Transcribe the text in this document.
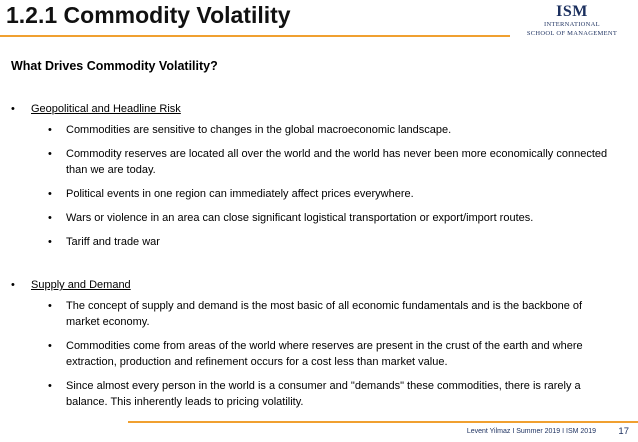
1.2.1 Commodity Volatility	ISM
INTERNATIONAL
SCHOOL OF MANAGEMENT
What Drives Commodity Volatility?
• Geopolitical and Headline Risk
• Commodities are sensitive to changes in the global macroeconomic landscape.
• Commodity reserves are located all over the world and the world has never been more economically connected than we are today.
• Political events in one region can immediately affect prices everywhere.
• Wars or violence in an area can close significant logistical transportation or export/import routes.
• Tariff and trade war
• Supply and Demand
• The concept of supply and demand is the most basic of all economic fundamentals and is the backbone of market economy.
• Commodities come from areas of the world where reserves are present in the crust of the earth and where extraction, production and refinement occurs for a cost less than market value.
• Since almost every person in the world is a consumer and "demands" these commodities, there is rarely a balance. This inherently leads to pricing volatility.
Levent Yilmaz I Summer 2019 I ISM 2019 17
